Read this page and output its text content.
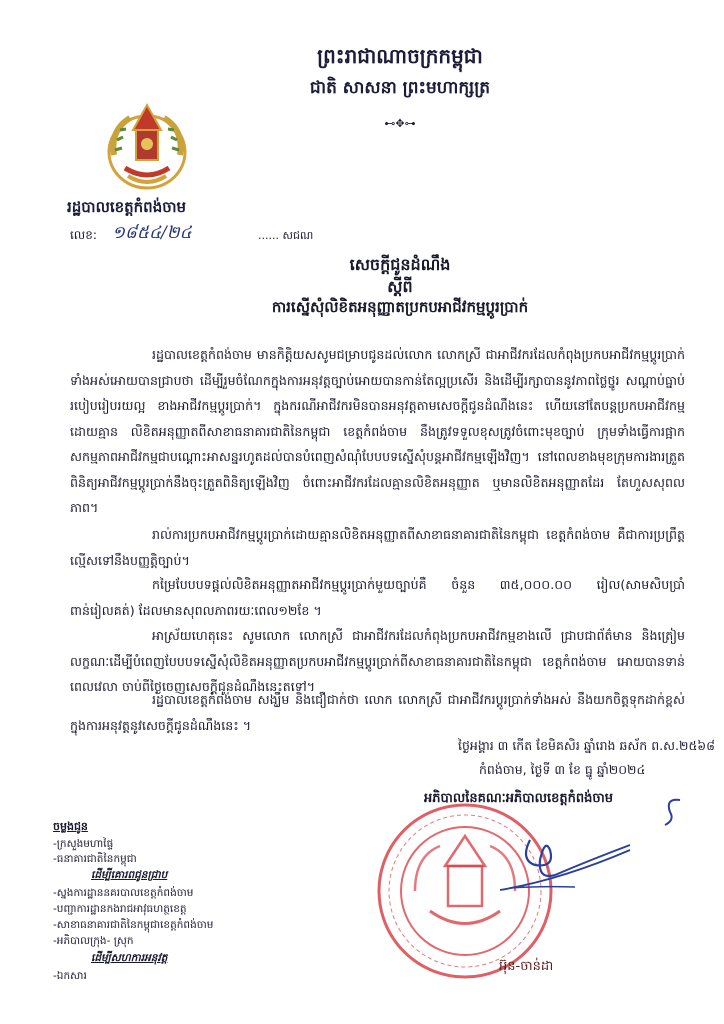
ព្រះរាជាណាចក្រកម្ពុជា
ជាតិ សាសនា ព្រះមហាក្សត្រ
⊷✥⊶
រដ្ឋបាលខេត្តកំពង់ចាម
លេខ: ១៨៥៤/២៤	...... សជណ
សេចក្តីជូនដំណឹង
ស្តីពី
ការស្នើសុំលិខិតអនុញ្ញាតប្រកបអាជីវកម្មប្តូរប្រាក់
រដ្ឋបាលខេត្តកំពង់ចាម មានកិត្តិយសសូមជម្រាបជូនដល់លោក លោកស្រី ជាអាជីវករដែលកំពុងប្រកបអាជីវកម្មប្តូរប្រាក់ទាំងអស់អោយបានជ្រាបថា ដើម្បីរួមចំណែកក្នុងការអនុវត្តច្បាប់អោយបានកាន់តែល្អប្រសើរ និងដើម្បីរក្សាបាននូវភាពថ្លៃថ្នូរ សណ្តាប់ធ្នាប់ របៀបរៀបរយល្អ ខាងអាជីវកម្មប្តូរប្រាក់។ ក្នុងករណីអាជីវករមិនបានអនុវត្តតាមសេចក្តីជូនដំណឹងនេះ ហើយនៅតែបន្តប្រកបអាជីវកម្មដោយគ្មាន លិខិតអនុញ្ញាតពីសាខាធនាគារជាតិនៃកម្ពុជា ខេត្តកំពង់ចាម នឹងត្រូវទទួលខុសត្រូវចំពោះមុខច្បាប់ ក្រុមទាំងធ្វើការផ្អាកសកម្មភាពអាជីវកម្មជាបណ្តោះអាសន្នរហូតដល់បានបំពេញសំណុំបែបបទស្នើសុំបន្តអាជីវកម្មឡើងវិញ។ នៅពេលខាងមុខក្រុមការងារត្រួតពិនិត្យអាជីវកម្មប្តូរប្រាក់នឹងចុះត្រួតពិនិត្យឡើងវិញ ចំពោះអាជីវករដែលគ្មានលិខិតអនុញ្ញាត ឬមានលិខិតអនុញ្ញាតដែរ តែហួសសុពលភាព។
រាល់ការប្រកបអាជីវកម្មប្តូរប្រាក់ដោយគ្មានលិខិតអនុញ្ញាតពីសាខាធនាគារជាតិនៃកម្ពុជា ខេត្តកំពង់ចាម គឺជាការប្រព្រឹត្តល្មើសទៅនឹងបញ្ញត្តិច្បាប់។
កម្រៃបែបបទផ្តល់លិខិតអនុញ្ញាតអាជីវកម្មប្តូរប្រាក់មួយច្បាប់គឺ ចំនួន ៣៥,០០០.០០ រៀល(សាមសិបប្រាំពាន់រៀលគត់) ដែលមានសុពលភាពរយៈពេល១២ខែ ។
អាស្រ័យហេតុនេះ សូមលោក លោកស្រី ជាអាជីវករដែលកំពុងប្រកបអាជីវកម្មខាងលើ ជ្រាបជាព័ត៌មាន និងត្រៀមលក្ខណៈដើម្បីបំពេញបែបបទស្នើសុំលិខិតអនុញ្ញាតប្រកបអាជីវកម្មប្តូរប្រាក់ពីសាខាធនាគារជាតិនៃកម្ពុជា ខេត្តកំពង់ចាម អោយបានទាន់ពេលវេលា ចាប់ពីថ្ងៃចេញសេចក្តីជូនដំណឹងនេះតទៅ។
រដ្ឋបាលខេត្តកំពង់ចាម សង្ឃឹម និងជឿជាក់ថា លោក លោកស្រី ជាអាជីវករប្តូរប្រាក់ទាំងអស់ នឹងយកចិត្តទុកដាក់ខ្ពស់ក្នុងការអនុវត្តនូវសេចក្តីជូនដំណឹងនេះ ។
ថ្ងៃអង្គារ ៣ កើត ខែមិគសិរ ឆ្នាំរោង ឆស័ក ព.ស.២៥៦៨
កំពង់ចាម, ថ្ងៃទី ៣ ខែ ធ្នូ ឆ្នាំ២០២៤
អភិបាលនៃគណៈអភិបាលខេត្តកំពង់ចាម
អ៊ុន-ចាន់ដា
ចម្លងជូន
-ក្រសួងមហាផ្ទៃ
-ធនាគារជាតិនៃកម្ពុជា
ដើម្បីគោរពជូនជ្រាប
-ស្នងការដ្ឋាននគរបាលខេត្តកំពង់ចាម
-បញ្ជាការដ្ឋានកងរាជអាវុធហត្ថខេត្ត
-សាខាធនាគារជាតិនៃកម្ពុជាខេត្តកំពង់ចាម
-អភិបាលក្រុង- ស្រុក
ដើម្បីសហការអនុវត្ត
-ឯកសារ
